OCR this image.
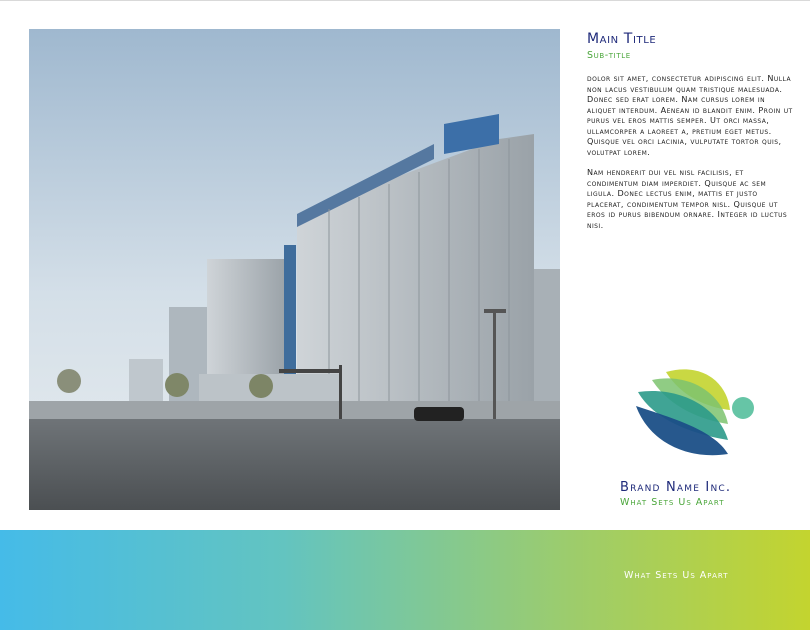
Main Title
Sub-title

dolor sit amet, consectetur adipiscing elit. Nulla non lacus vestibulum quam tristique malesuada. Donec sed erat lorem. Nam cursus lorem in aliquet interdum. Aenean id blandit enim. Proin ut purus vel eros mattis semper. Ut orci massa, ullamcorper a laoreet a, pretium eget metus. Quisque vel orci lacinia, vulputate tortor quis, volutpat lorem.

Nam hendrerit dui vel nisl facilisis, et condimentum diam imperdiet. Quisque ac sem ligula. Donec lectus enim, mattis et justo placerat, condimentum tempor nisl. Quisque ut eros id purus bibendum ornare. Integer id luctus nisi.

Brand Name Inc.
What Sets Us Apart
What Sets Us Apart
